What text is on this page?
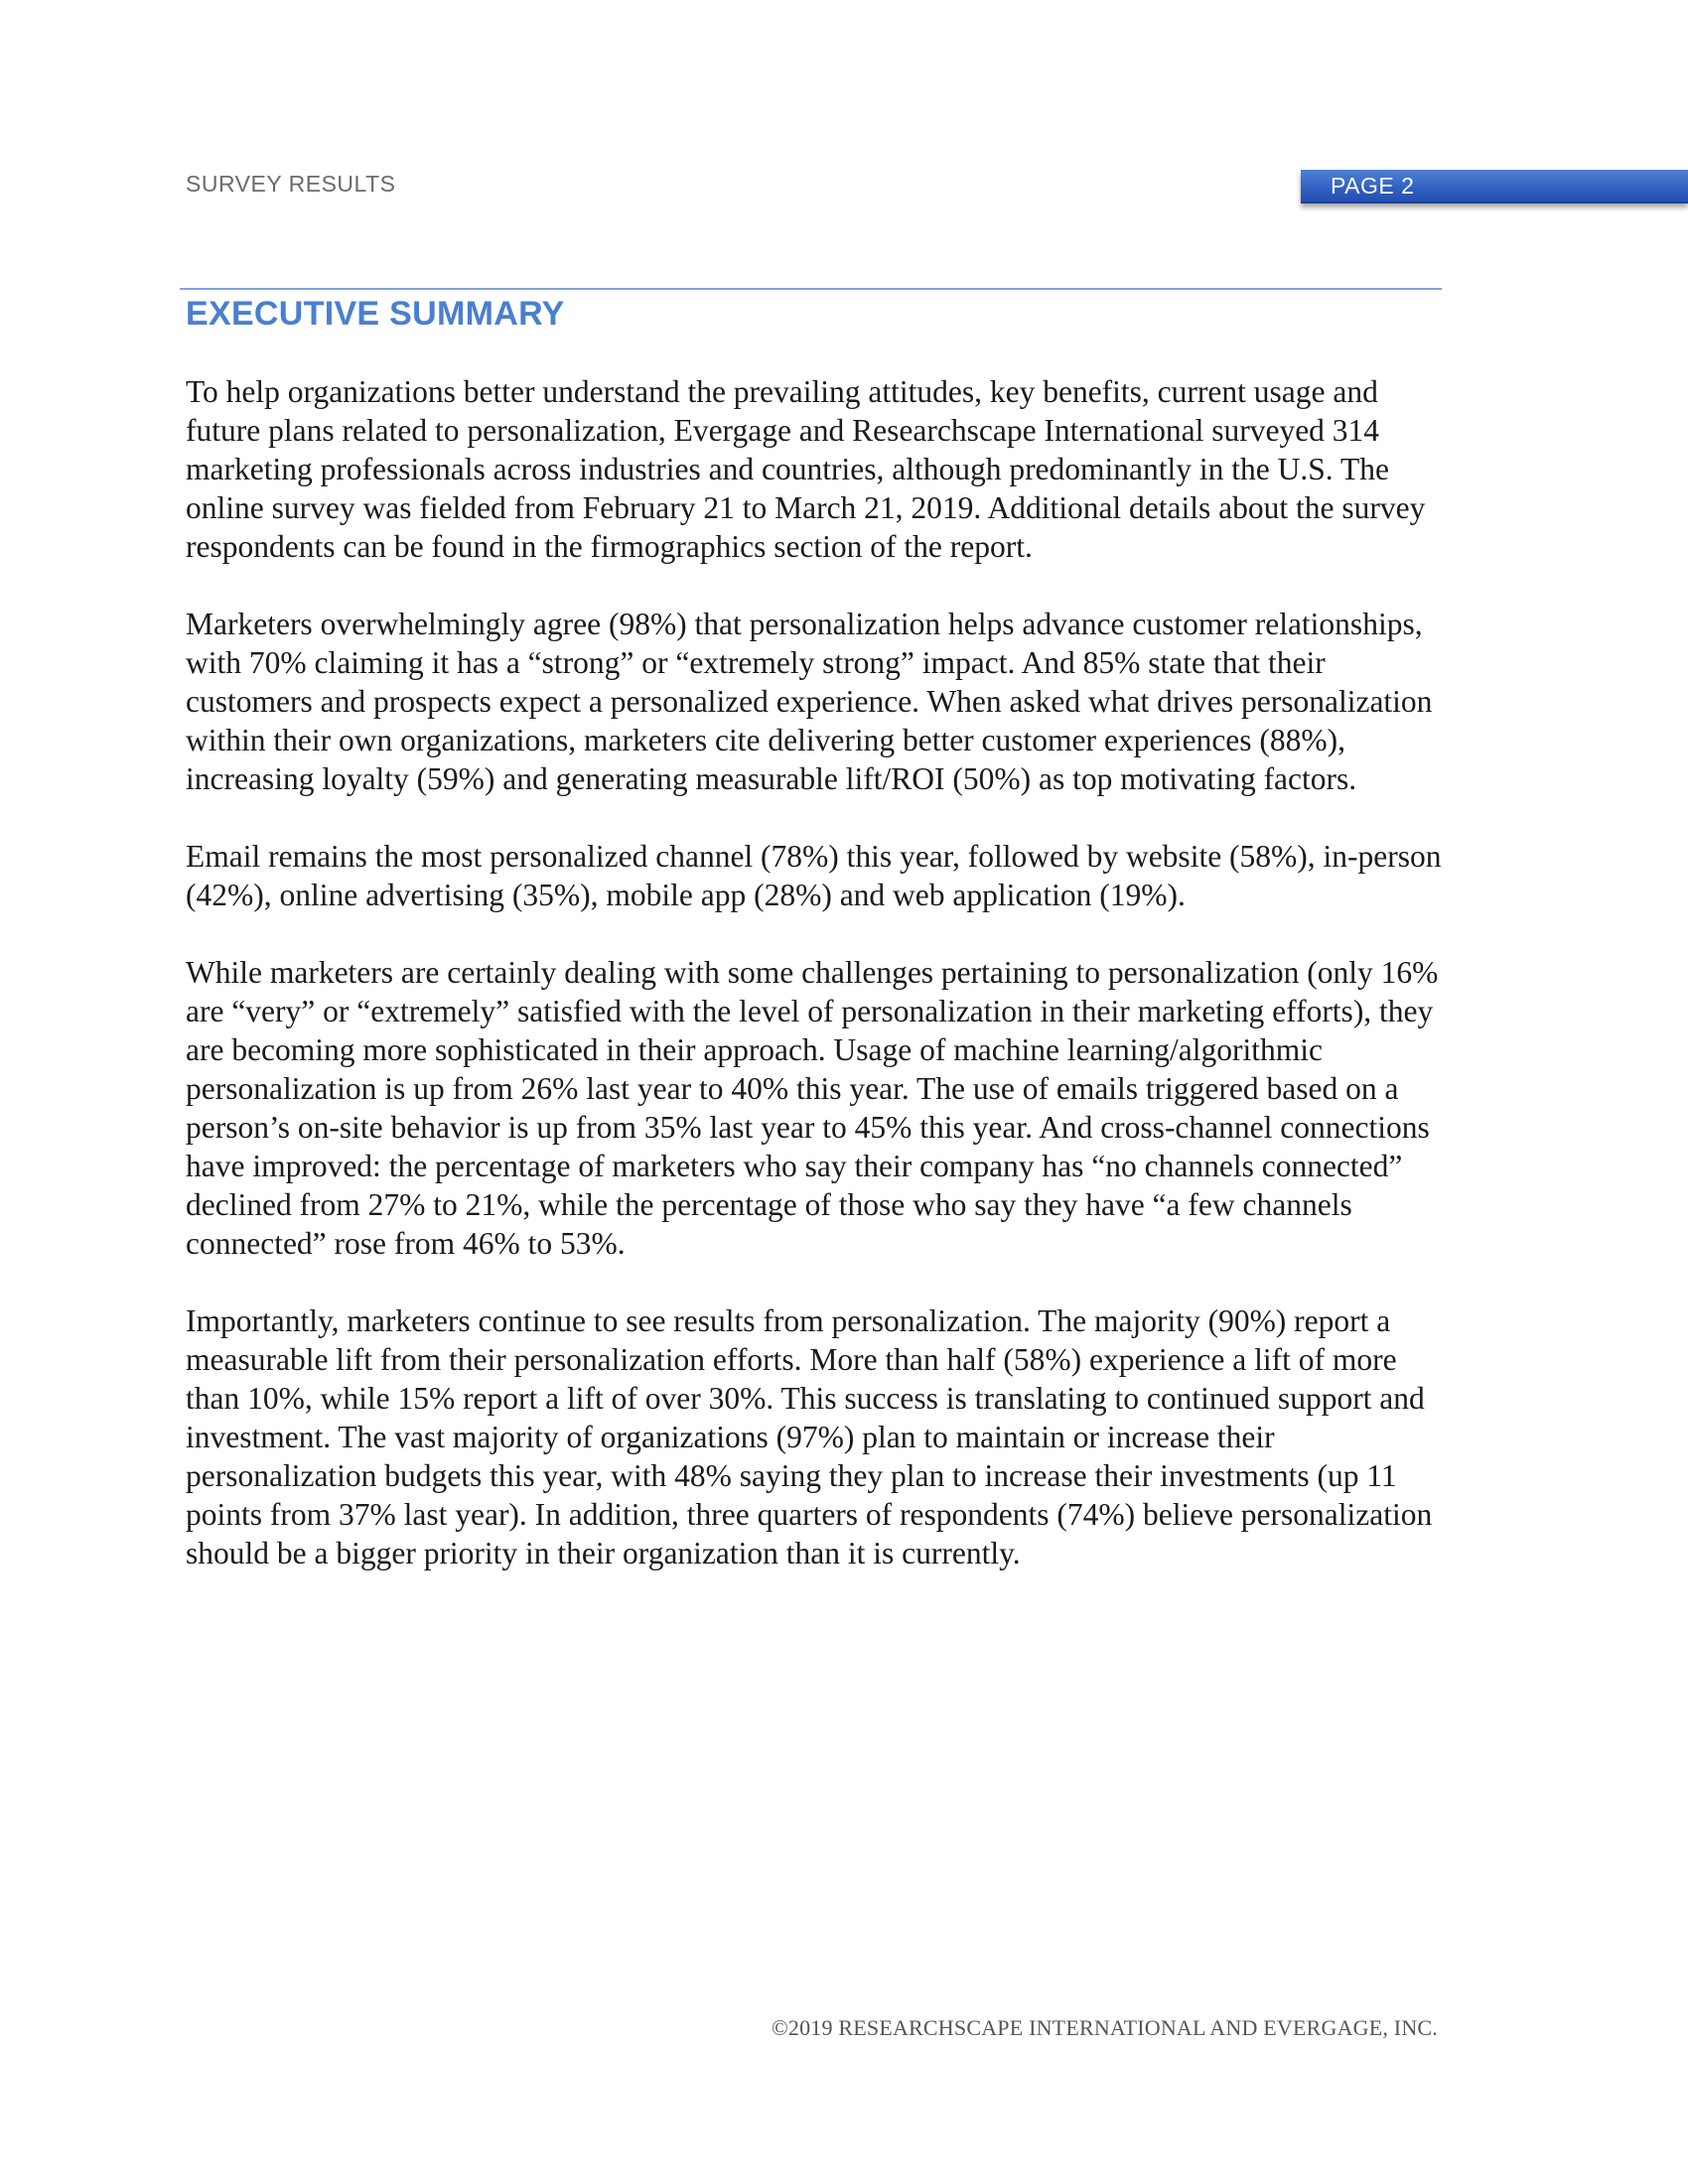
SURVEY RESULTS	PAGE 2
EXECUTIVE SUMMARY

To help organizations better understand the prevailing attitudes, key benefits, current usage and future plans related to personalization, Evergage and Researchscape International surveyed 314 marketing professionals across industries and countries, although predominantly in the U.S. The online survey was fielded from February 21 to March 21, 2019. Additional details about the survey respondents can be found in the firmographics section of the report.

Marketers overwhelmingly agree (98%) that personalization helps advance customer relationships, with 70% claiming it has a “strong” or “extremely strong” impact. And 85% state that their customers and prospects expect a personalized experience. When asked what drives personalization within their own organizations, marketers cite delivering better customer experiences (88%), increasing loyalty (59%) and generating measurable lift/ROI (50%) as top motivating factors.

Email remains the most personalized channel (78%) this year, followed by website (58%), in-person (42%), online advertising (35%), mobile app (28%) and web application (19%).

While marketers are certainly dealing with some challenges pertaining to personalization (only 16% are “very” or “extremely” satisfied with the level of personalization in their marketing efforts), they are becoming more sophisticated in their approach. Usage of machine learning/algorithmic personalization is up from 26% last year to 40% this year. The use of emails triggered based on a person’s on-site behavior is up from 35% last year to 45% this year. And cross-channel connections have improved: the percentage of marketers who say their company has “no channels connected” declined from 27% to 21%, while the percentage of those who say they have “a few channels connected” rose from 46% to 53%.

Importantly, marketers continue to see results from personalization. The majority (90%) report a measurable lift from their personalization efforts. More than half (58%) experience a lift of more than 10%, while 15% report a lift of over 30%. This success is translating to continued support and investment. The vast majority of organizations (97%) plan to maintain or increase their personalization budgets this year, with 48% saying they plan to increase their investments (up 11 points from 37% last year). In addition, three quarters of respondents (74%) believe personalization should be a bigger priority in their organization than it is currently.

©2019 RESEARCHSCAPE INTERNATIONAL AND EVERGAGE, INC.
